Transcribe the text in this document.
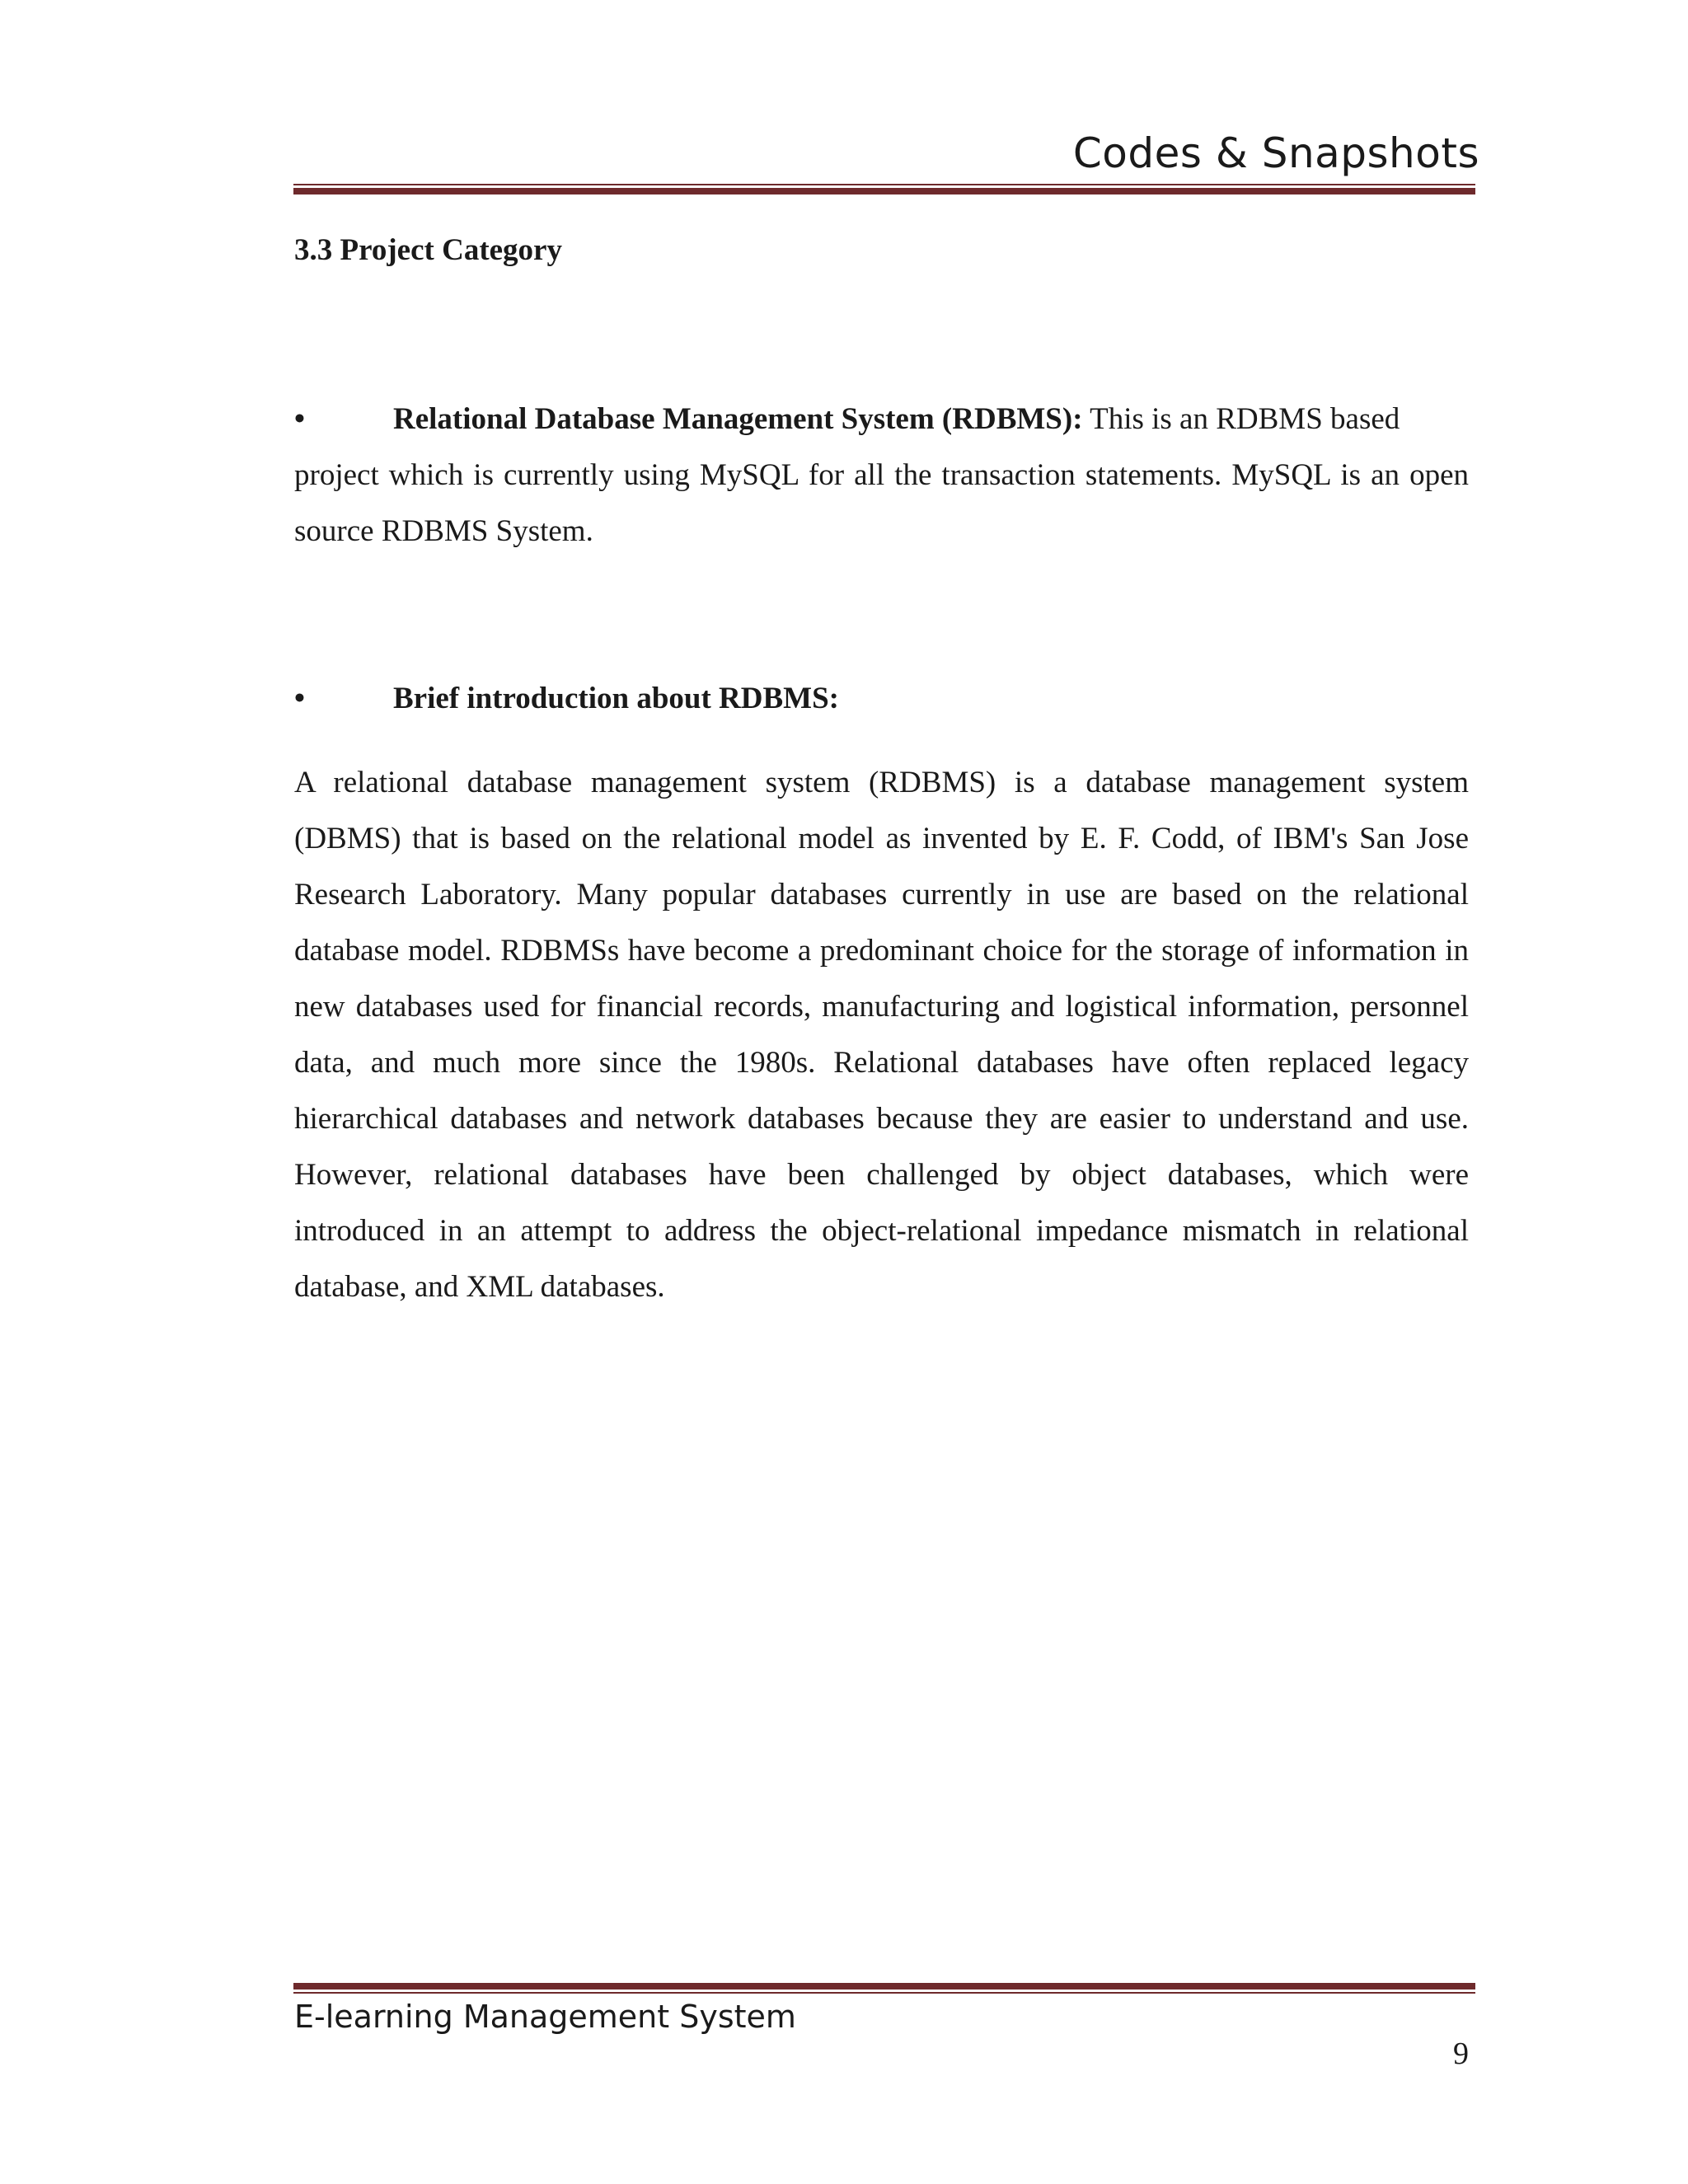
Codes & Snapshots
3.3 Project Category
•	Relational Database Management System (RDBMS): This is an RDBMS based
project which is currently using MySQL for all the transaction statements. MySQL is an open source RDBMS System.
•	Brief introduction about RDBMS:
A relational database management system (RDBMS) is a database management system (DBMS) that is based on the relational model as invented by E. F. Codd, of IBM's San Jose Research Laboratory. Many popular databases currently in use are based on the relational database model. RDBMSs have become a predominant choice for the storage of information in new databases used for financial records, manufacturing and logistical information, personnel data, and much more since the 1980s. Relational databases have often replaced legacy hierarchical databases and network databases because they are easier to understand and use. However, relational databases have been challenged by object databases, which were introduced in an attempt to address the object-relational impedance mismatch in relational database, and XML databases.
E-learning Management System
9
